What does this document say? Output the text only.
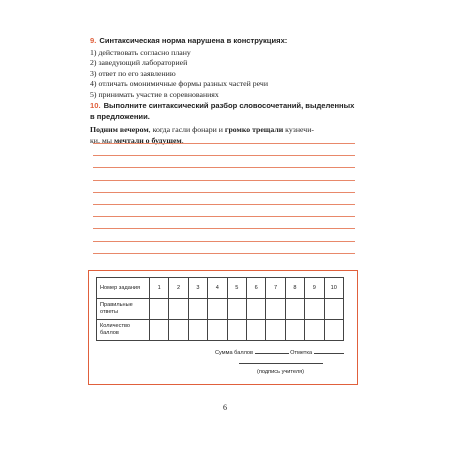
9. Синтаксическая норма нарушена в конструкциях:

1) действовать согласно плану

2) заведующий лабораторией

3) ответ по его заявлению

4) отличать омонимичные формы разных частей речи

5) принимать участие в соревнованиях

10. Выполните синтаксический разбор словосочетаний, выделенных
в предложении.

Подним вечером, когда гасли фонари и громко трещали кузнечи-
ки, мы мечтали о будущем.

Номер задания	1	2	3	4	5	6	7	8	9	10
Правильные ответы										
Количество баллов										
Сумма баллов	Отметка
(подпись учителя)
6
